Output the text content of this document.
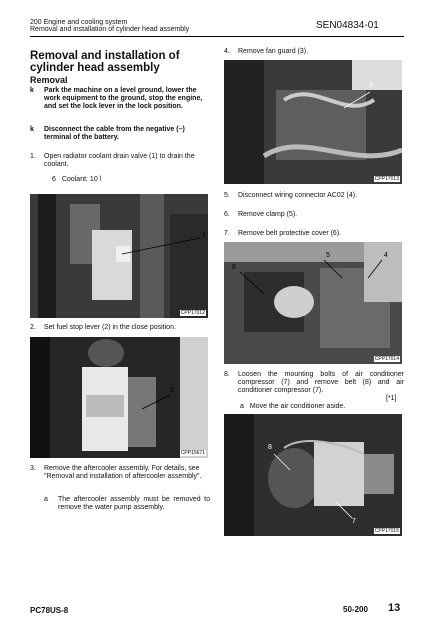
200 Engine and cooling system
Removal and installation of cylinder head assembly	SEN04834-01
Removal and installation of cylinder head assembly
Removal
k	Park the machine on a level ground, lower the work equipment to the ground, stop the engine, and set the lock lever in the lock position.
k	Disconnect the cable from the negative (–) terminal of the battery.
1. Open radiator coolant drain valve (1) to drain the coolant.
6 Coolant: 10 l
1
CPP17012
2. Set fuel stop lever (2) in the close position.
2
CPP15671
3. Remove the aftercooler assembly. For details, see "Removal and installation of aftercooler assembly".
a The aftercooler assembly must be removed to remove the water pump assembly.
4. Remove fan guard (3).
3
CPP17013
5. Disconnect wiring connector AC02 (4).
6. Remove clamp (5).
7. Remove belt protective cover (6).
6
5	4
CPP17014
8. Loosen the mounting bolts of air conditioner compressor (7) and remove belt (8) and air conditioner compressor (7).
[*1]
a Move the air conditioner aside.
8
7
CPP17015
PC78US-8	50-200 13
